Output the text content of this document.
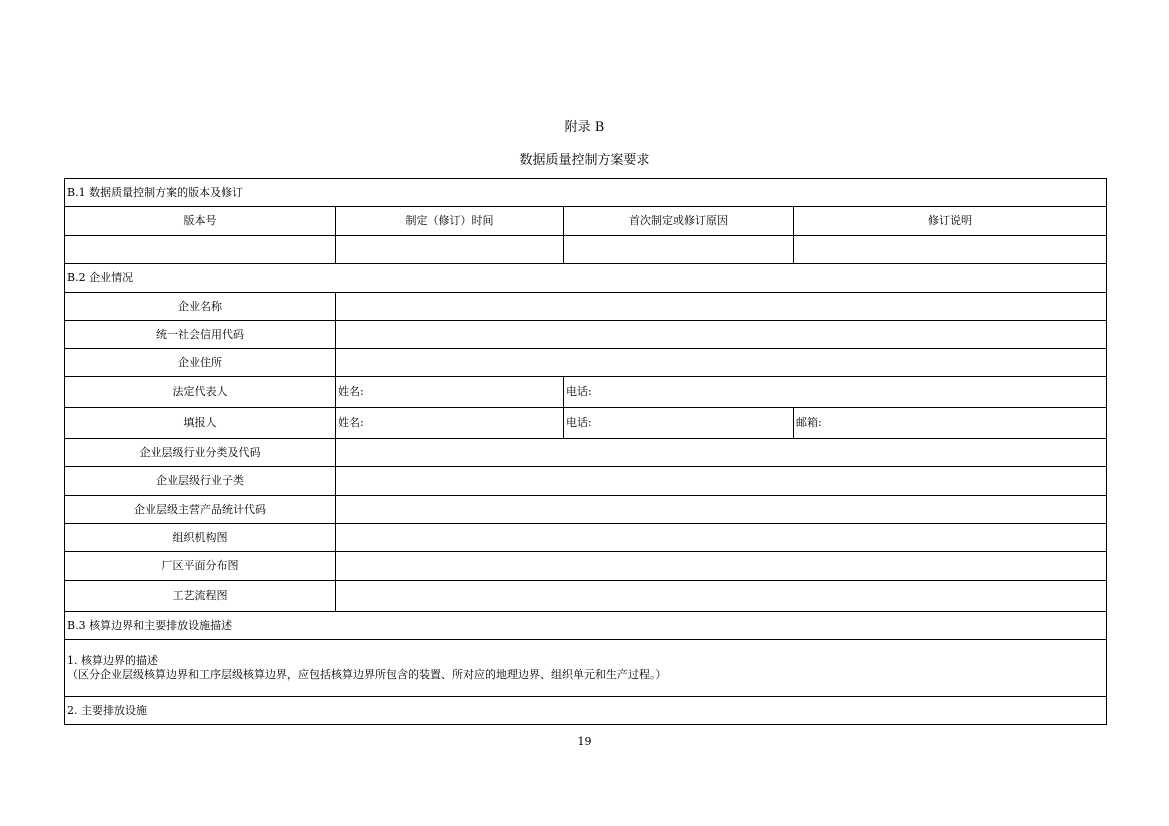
附录 B
数据质量控制方案要求
B.1 数据质量控制方案的版本及修订			
版本号	制定（修订）时间	首次制定或修订原因	修订说明

B.2 企业情况			
企业名称			
统一社会信用代码			
企业住所			
法定代表人	姓名:	电话:	
填报人	姓名:	电话:	邮箱:
企业层级行业分类及代码			
企业层级行业子类			
企业层级主营产品统计代码			
组织机构图			
厂区平面分布图			
工艺流程图			
B.3 核算边界和主要排放设施描述			

1. 核算边界的描述
（区分企业层级核算边界和工序层级核算边界，应包括核算边界所包含的装置、所对应的地理边界、组织单元和生产过程。）			

2. 主要排放设施			
19
